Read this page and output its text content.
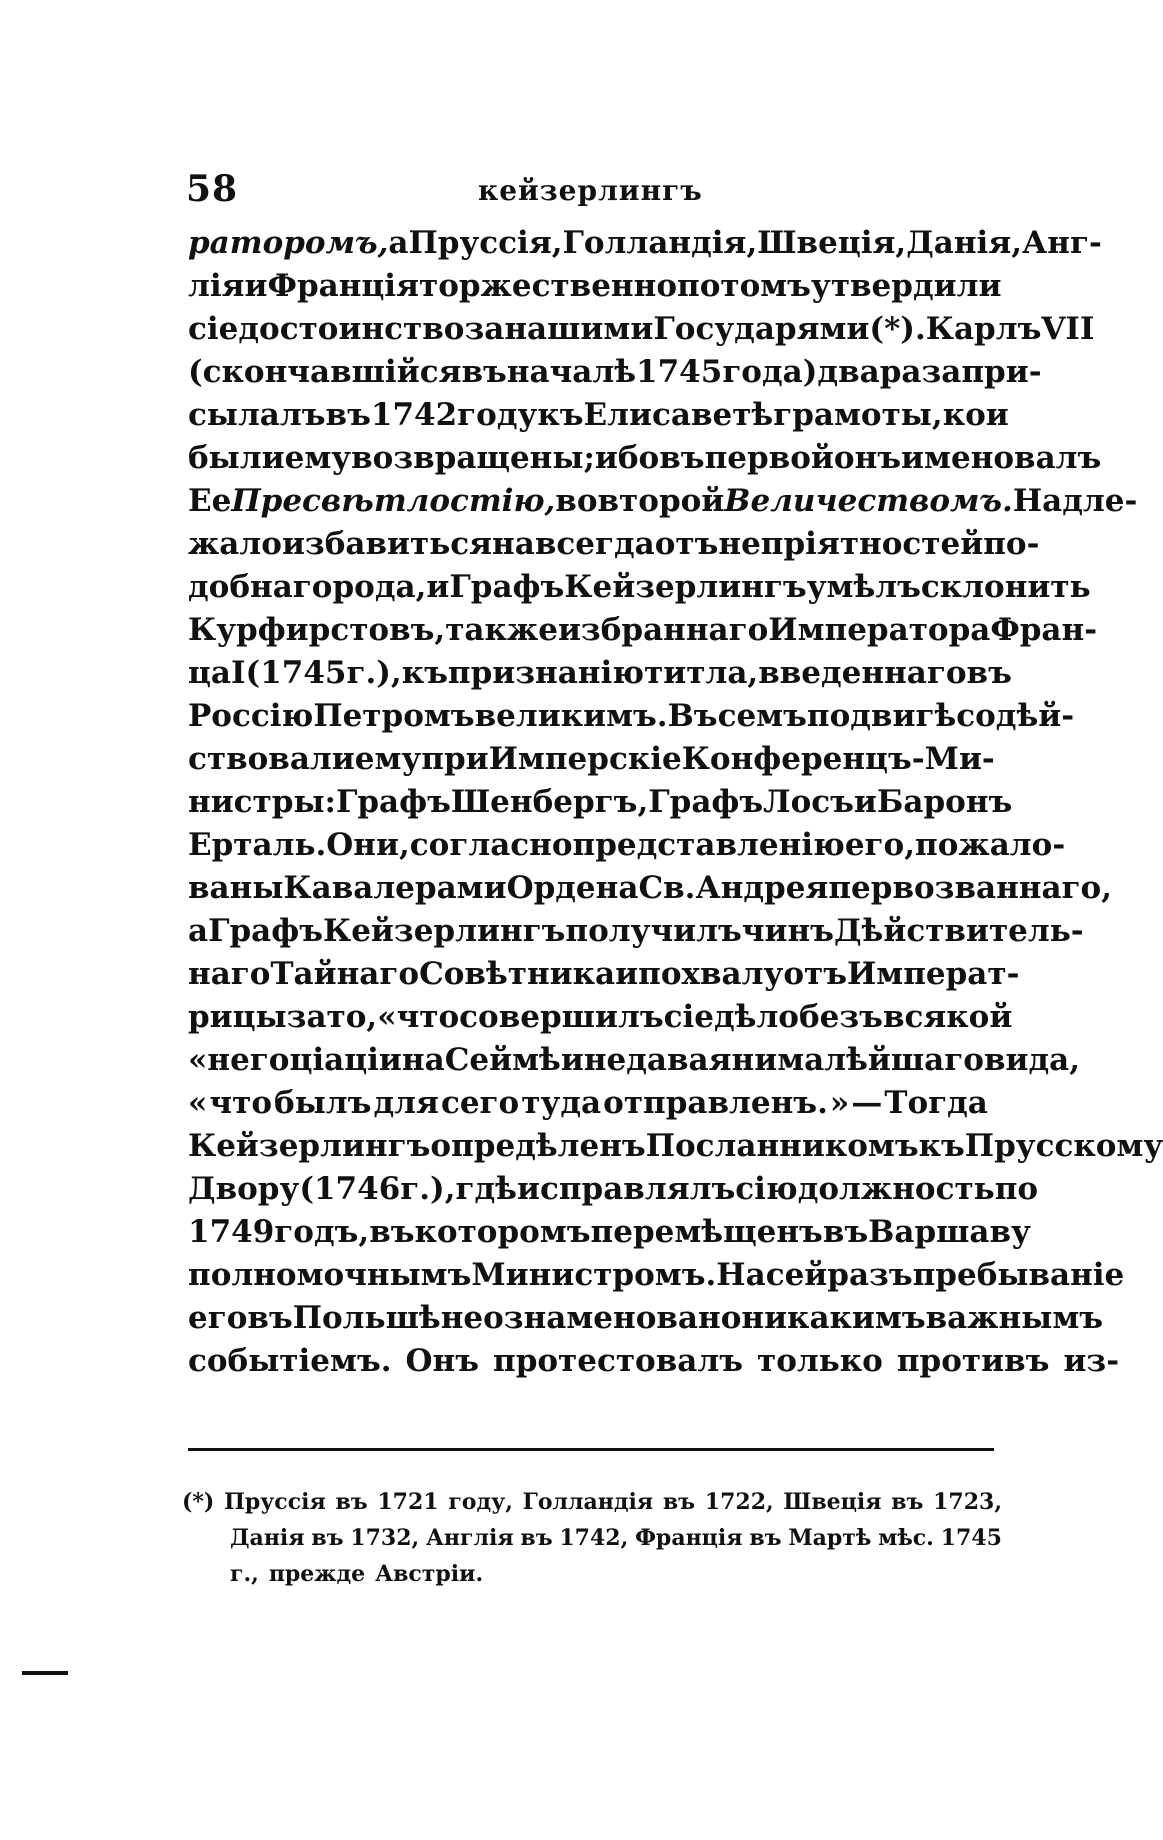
58	кейзерлингъ
раторомъ, а Пруссія, Голландія, Швеція, Данія, Анг-
лія и Франція торжественно потомъ утвердили
сіе достоинство за нашими Государями (*). Карлъ VII
(скончавшійся въ началѣ 1745 года) два раза при-
сылалъ въ 1742 году къ Елисаветѣ грамоты, кои
были ему возвращены; ибо въ первой онъ именовалъ
Ее Пресвѣтлостію, во второй Величествомъ. Надле-
жало избавиться навсегда отъ непріятностей по-
добнаго рода, и Графъ Кейзерлингъ умѣлъ склонить
Курфирстовъ, также избраннаго Императора Фран-
ца I (1745 г.), къ признанію титла, введеннаго въ
Россію Петромъ великимъ. Въ семъ подвигѣ содѣй-
ствовали ему при Имперскіе Конференцъ - Ми-
нистры: Графъ Шенбергъ, Графъ Лосъ и Баронъ
Ерталь. Они, согласно представленію его, пожало-
ваны Кавалерами Ордена Св. Андрея первозваннаго,
а Графъ Кейзерлингъ получилъ чинъ Дѣйствитель-
наго Тайнаго Совѣтника и похвалу отъ Императ-
рицы за то, « что совершилъ сіе дѣло безъ всякой
« негоціаціи на Сеймѣ и не давая ни малѣйшаго вида,
« что былъ для сего туда отправленъ. » — Тогда
Кейзерлингъ опредѣленъ Посланникомъ къ Прусскому
Двору (1746 г.), гдѣ исправлялъ сію должность по
1749 годъ, въ которомъ перемѣщенъ въ Варшаву
полномочнымъ Министромъ. На сей разъ пребываніе
его въ Польшѣ не ознаменовано никакимъ важнымъ
событіемъ. Онъ протестовалъ только противъ из-
(*) Пруссія въ 1721 году, Голландія въ 1722, Швеція въ 1723,
Данія въ 1732, Англія въ 1742, Франція въ Мартѣ мѣс. 1745
г., прежде Австріи.
